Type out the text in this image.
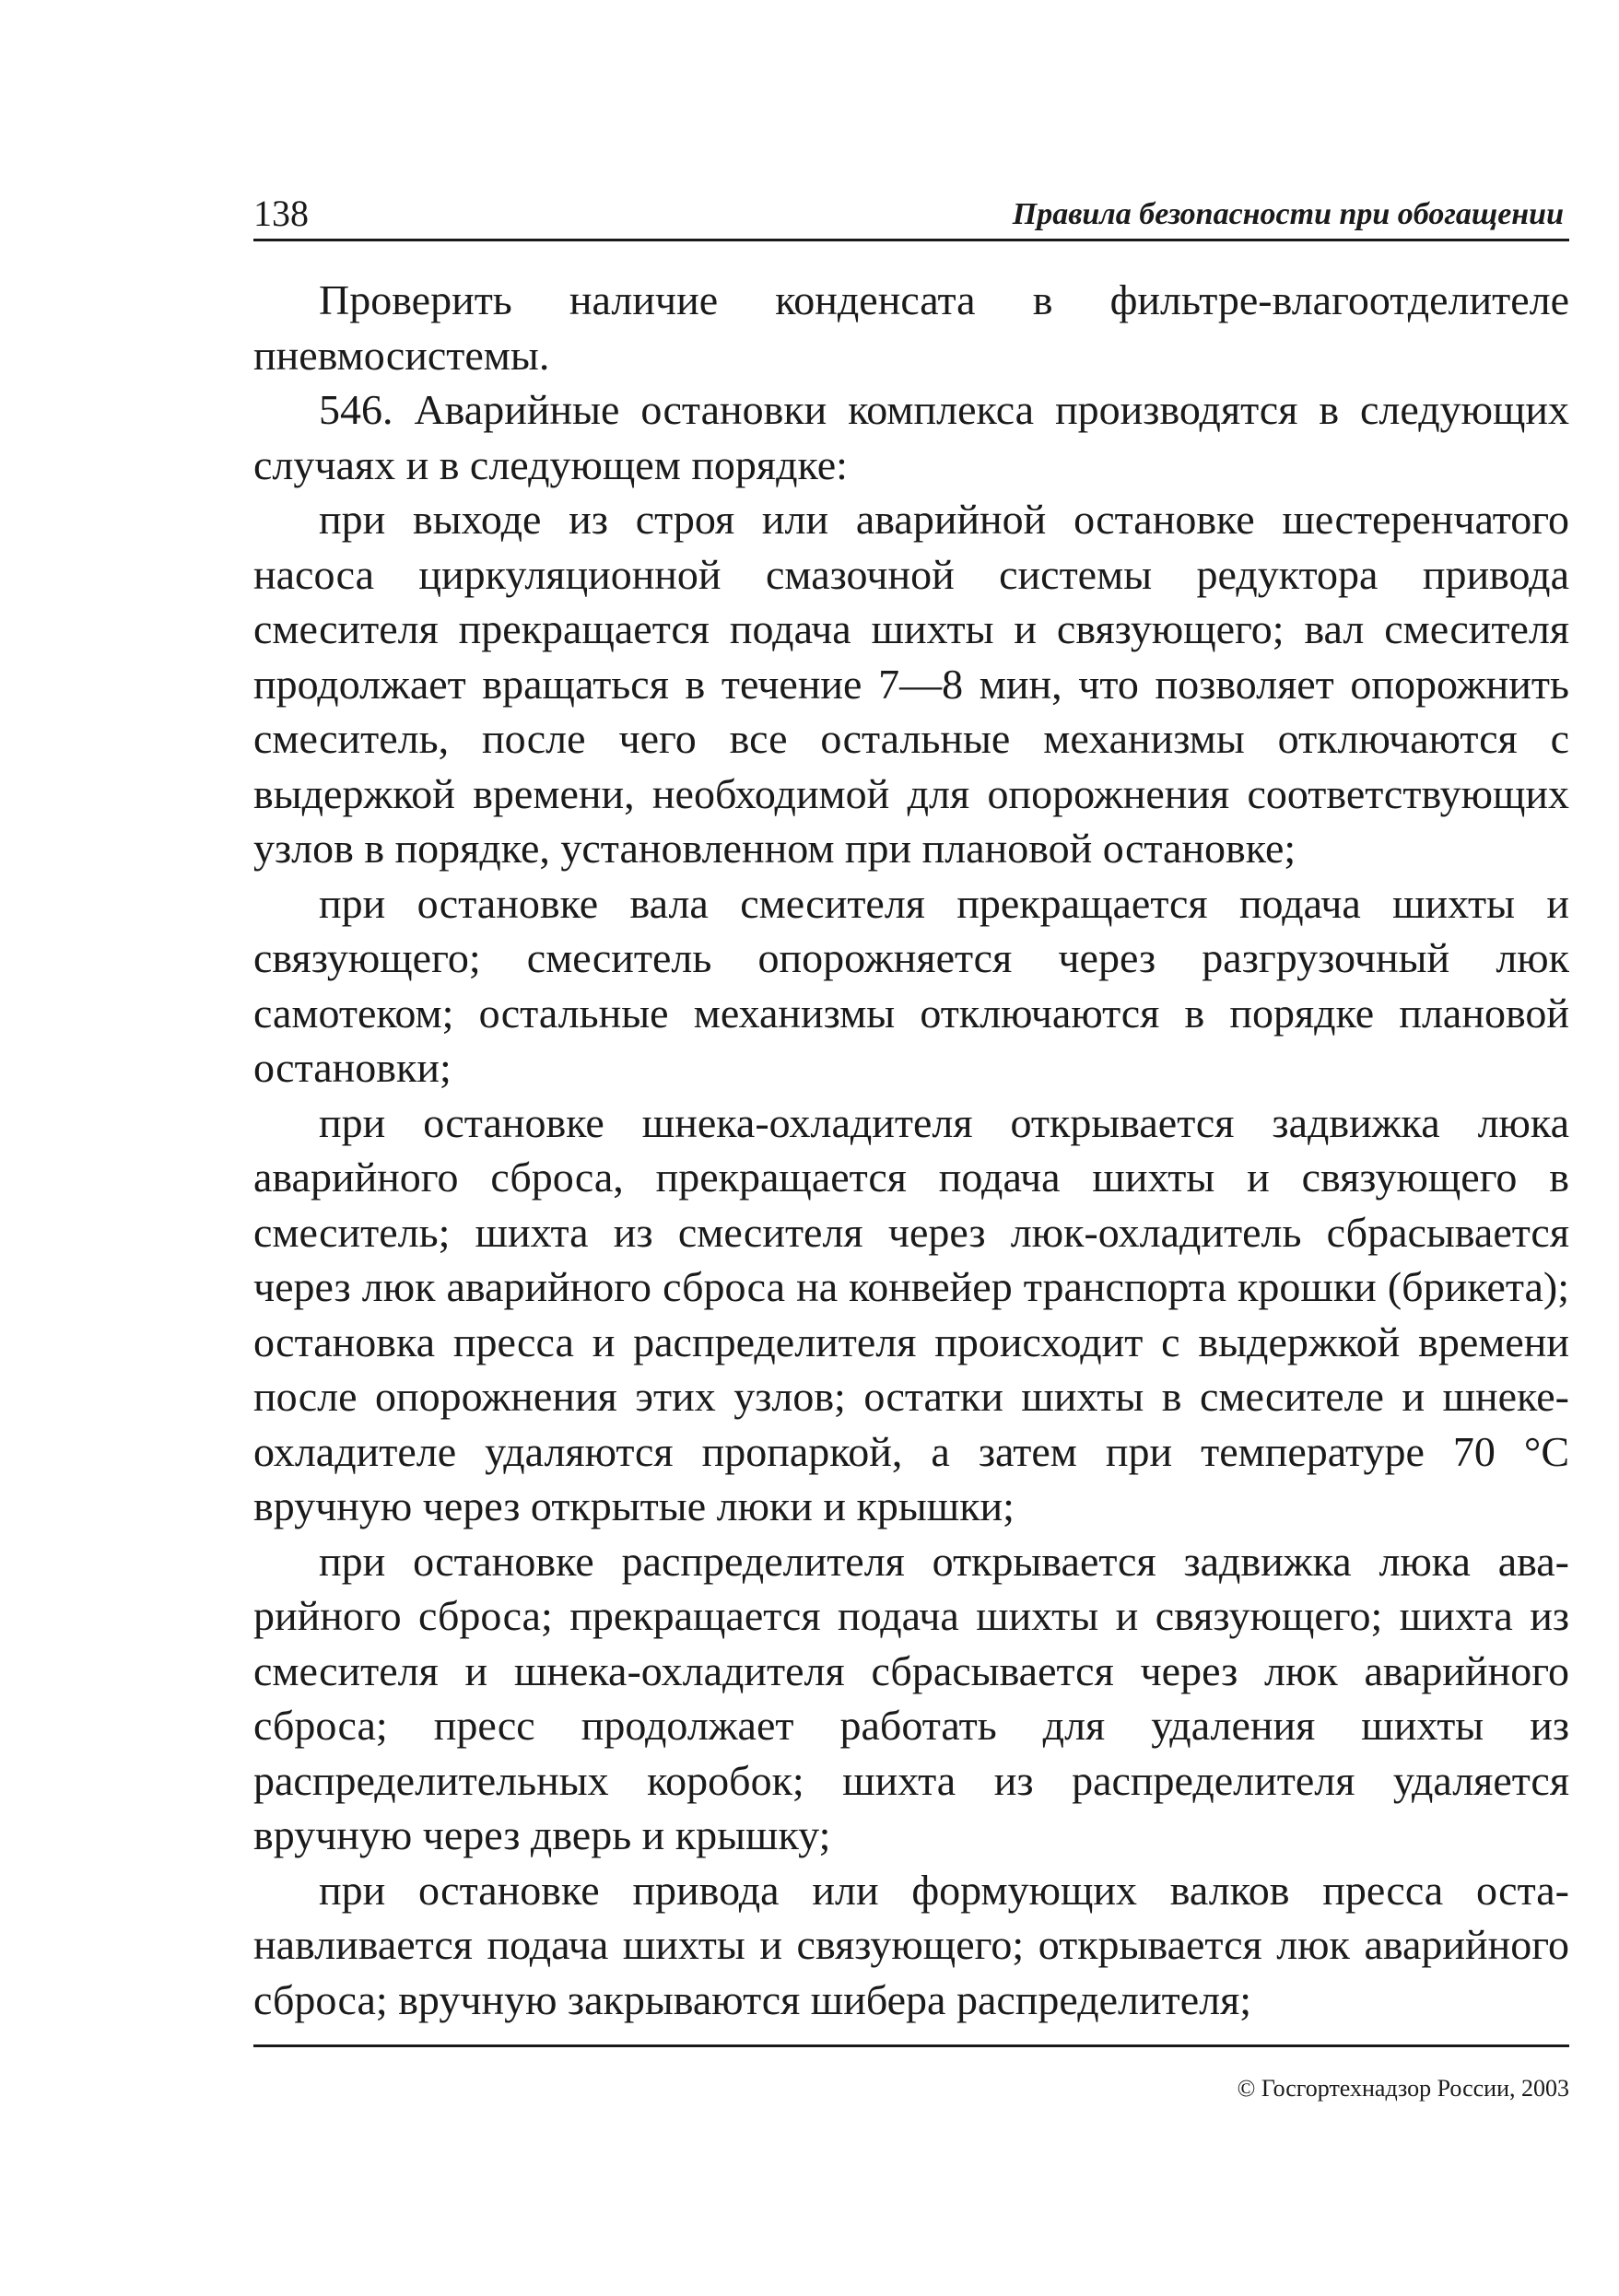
138	Правила безопасности при обогащении

Проверить наличие конденсата в фильтре-влагоотделителе пневмосистемы.

546. Аварийные остановки комплекса производятся в следующих случаях и в следующем порядке:

при выходе из строя или аварийной остановке шестеренчатого насоса циркуляционной смазочной системы редуктора привода смесителя прекращается подача шихты и связующего; вал смесителя продолжает вращаться в течение 7—8 мин, что позволяет опорожнить смеситель, после чего все остальные механизмы отключаются с выдержкой времени, необходимой для опорожнения соответствующих узлов в порядке, установленном при плановой остановке;

при остановке вала смесителя прекращается подача шихты и связующего; смеситель опорожняется через разгрузочный люк самотеком; остальные механизмы отключаются в порядке плановой остановки;

при остановке шнека-охладителя открывается задвижка люка аварийного сброса, прекращается подача шихты и связующего в смеситель; шихта из смесителя через люк-охладитель сбрасывается через люк аварийного сброса на конвейер транспорта крошки (брикета); остановка пресса и распределителя происходит с выдержкой времени после опорожнения этих узлов; остатки шихты в смесителе и шнеке-охладителе удаляются пропаркой, а затем при температуре 70 °С вручную через открытые люки и крышки;

при остановке распределителя открывается задвижка люка аварийного сброса; прекращается подача шихты и связующего; шихта из смесителя и шнека-охладителя сбрасывается через люк аварийного сброса; пресс продолжает работать для удаления шихты из распределительных коробок; шихта из распределителя удаляется вручную через дверь и крышку;

при остановке привода или формующих валков пресса останавливается подача шихты и связующего; открывается люк аварийного сброса; вручную закрываются шибера распределителя;

© Госгортехнадзор России, 2003
